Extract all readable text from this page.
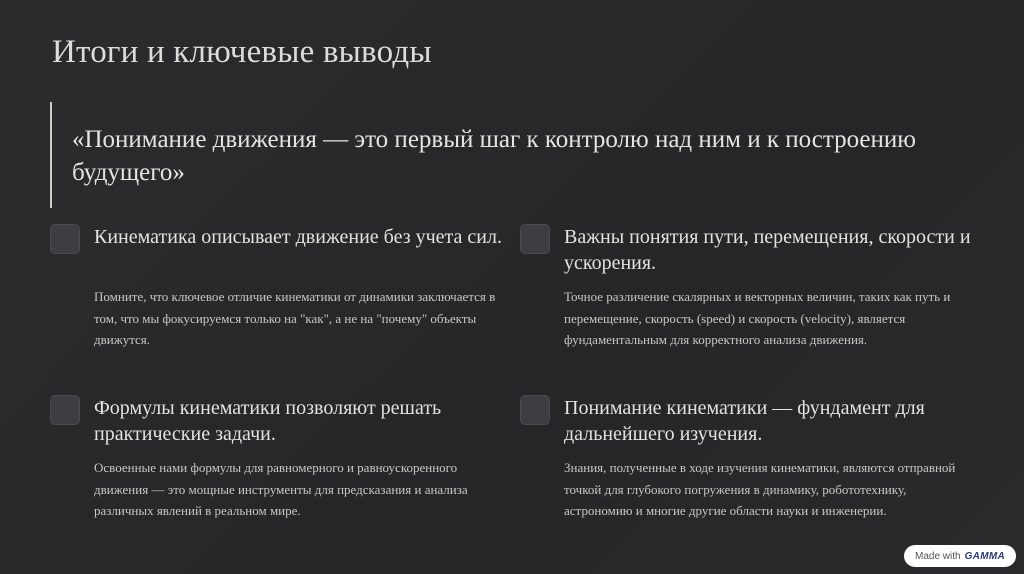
Итоги и ключевые выводы
«Понимание движения — это первый шаг к контролю над ним и к построению будущего»
Кинематика описывает движение без учета сил.
Помните, что ключевое отличие кинематики от динамики заключается в том, что мы фокусируемся только на "как", а не на "почему" объекты движутся.
Важны понятия пути, перемещения, скорости и ускорения.
Точное различение скалярных и векторных величин, таких как путь и перемещение, скорость (speed) и скорость (velocity), является фундаментальным для корректного анализа движения.
Формулы кинематики позволяют решать практические задачи.
Освоенные нами формулы для равномерного и равноускоренного движения — это мощные инструменты для предсказания и анализа различных явлений в реальном мире.
Понимание кинематики — фундамент для дальнейшего изучения.
Знания, полученные в ходе изучения кинематики, являются отправной точкой для глубокого погружения в динамику, робототехнику, астрономию и многие другие области науки и инженерии.
Made with GAMMA
